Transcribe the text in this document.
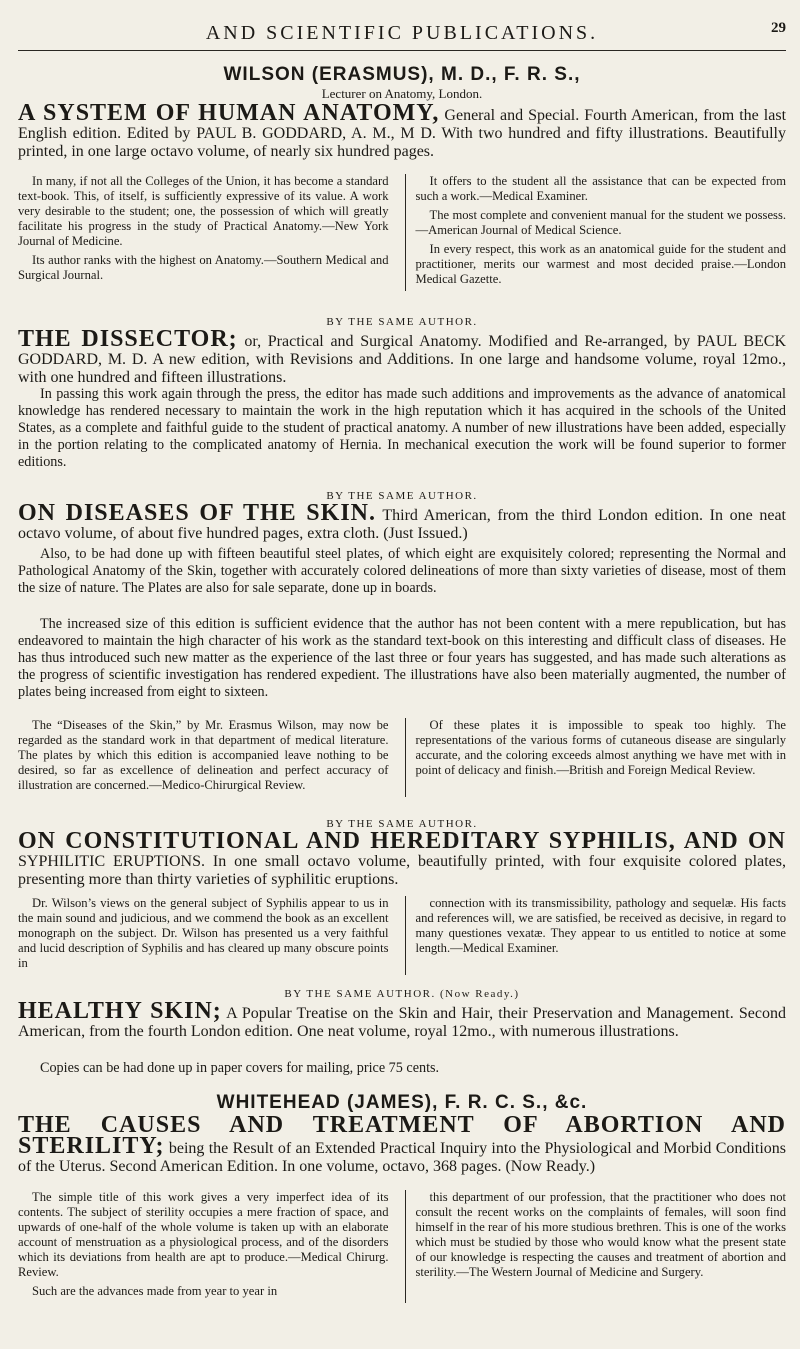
AND SCIENTIFIC PUBLICATIONS.	29
WILSON (ERASMUS), M. D., F. R. S.,
Lecturer on Anatomy, London.
A SYSTEM OF HUMAN ANATOMY, General and Special. Fourth American, from the last English edition. Edited by PAUL B. GODDARD, A. M., M D. With two hundred and fifty illustrations. Beautifully printed, in one large octavo volume, of nearly six hundred pages.

In many, if not all the Colleges of the Union, it has become a standard text-book. This, of itself, is sufficiently expressive of its value. A work very desirable to the student; one, the possession of which will greatly facilitate his progress in the study of Practical Anatomy.—New York Journal of Medicine.

Its author ranks with the highest on Anatomy.—Southern Medical and Surgical Journal.

It offers to the student all the assistance that can be expected from such a work.—Medical Examiner.

The most complete and convenient manual for the student we possess.—American Journal of Medical Science.

In every respect, this work as an anatomical guide for the student and practitioner, merits our warmest and most decided praise.—London Medical Gazette.

BY THE SAME AUTHOR.
THE DISSECTOR; or, Practical and Surgical Anatomy. Modified and Re-arranged, by PAUL BECK GODDARD, M. D. A new edition, with Revisions and Additions. In one large and handsome volume, royal 12mo., with one hundred and fifteen illustrations.

In passing this work again through the press, the editor has made such additions and improvements as the advance of anatomical knowledge has rendered necessary to maintain the work in the high reputation which it has acquired in the schools of the United States, as a complete and faithful guide to the student of practical anatomy. A number of new illustrations have been added, especially in the portion relating to the complicated anatomy of Hernia. In mechanical execution the work will be found superior to former editions.

BY THE SAME AUTHOR.
ON DISEASES OF THE SKIN. Third American, from the third London edition. In one neat octavo volume, of about five hundred pages, extra cloth. (Just Issued.)

Also, to be had done up with fifteen beautiful steel plates, of which eight are exquisitely colored; representing the Normal and Pathological Anatomy of the Skin, together with accurately colored delineations of more than sixty varieties of disease, most of them the size of nature. The Plates are also for sale separate, done up in boards.

The increased size of this edition is sufficient evidence that the author has not been content with a mere republication, but has endeavored to maintain the high character of his work as the standard text-book on this interesting and difficult class of diseases. He has thus introduced such new matter as the experience of the last three or four years has suggested, and has made such alterations as the progress of scientific investigation has rendered expedient. The illustrations have also been materially augmented, the number of plates being increased from eight to sixteen.

The “Diseases of the Skin,” by Mr. Erasmus Wilson, may now be regarded as the standard work in that department of medical literature. The plates by which this edition is accompanied leave nothing to be desired, so far as excellence of delineation and perfect accuracy of illustration are concerned.—Medico-Chirurgical Review.

Of these plates it is impossible to speak too highly. The representations of the various forms of cutaneous disease are singularly accurate, and the coloring exceeds almost anything we have met with in point of delicacy and finish.—British and Foreign Medical Review.

BY THE SAME AUTHOR.
ON CONSTITUTIONAL AND HEREDITARY SYPHILIS, AND ON SYPHILITIC ERUPTIONS. In one small octavo volume, beautifully printed, with four exquisite colored plates, presenting more than thirty varieties of syphilitic eruptions.

Dr. Wilson’s views on the general subject of Syphilis appear to us in the main sound and judicious, and we commend the book as an excellent monograph on the subject. Dr. Wilson has presented us a very faithful and lucid description of Syphilis and has cleared up many obscure points in

connection with its transmissibility, pathology and sequelæ. His facts and references will, we are satisfied, be received as decisive, in regard to many questiones vexatæ. They appear to us entitled to notice at some length.—Medical Examiner.

BY THE SAME AUTHOR. (Now Ready.)
HEALTHY SKIN; A Popular Treatise on the Skin and Hair, their Preservation and Management. Second American, from the fourth London edition. One neat volume, royal 12mo., with numerous illustrations.

Copies can be had done up in paper covers for mailing, price 75 cents.

WHITEHEAD (JAMES), F. R. C. S., &c.
THE CAUSES AND TREATMENT OF ABORTION AND STERILITY; being the Result of an Extended Practical Inquiry into the Physiological and Morbid Conditions of the Uterus. Second American Edition. In one volume, octavo, 368 pages. (Now Ready.)

The simple title of this work gives a very imperfect idea of its contents. The subject of sterility occupies a mere fraction of space, and upwards of one-half of the whole volume is taken up with an elaborate account of menstruation as a physiological process, and of the disorders which its deviations from health are apt to produce.—Medical Chirurg. Review.

Such are the advances made from year to year in

this department of our profession, that the practitioner who does not consult the recent works on the complaints of females, will soon find himself in the rear of his more studious brethren. This is one of the works which must be studied by those who would know what the present state of our knowledge is respecting the causes and treatment of abortion and sterility.—The Western Journal of Medicine and Surgery.
